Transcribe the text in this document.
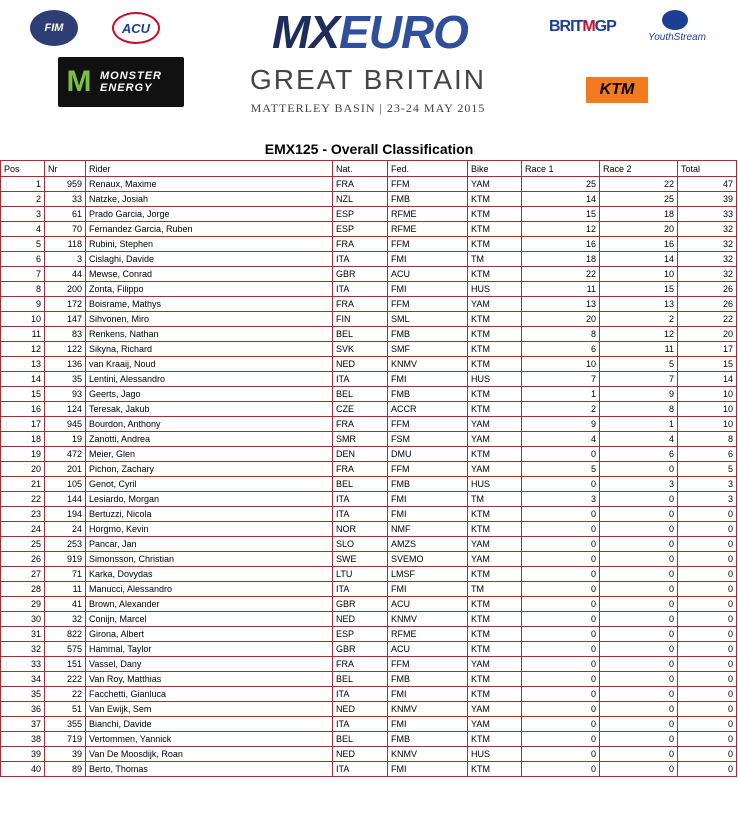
FIM	ACU
M MONSTER
ENERGY
MX EURO
GREAT BRITAIN
MATTERLEY BASIN | 23-24 MAY 2015
BRITMGP
YouthStream
KTM
EMX125 - Overall Classification
Pos	Nr	Rider	Nat.	Fed.	Bike	Race 1	Race 2	Total
1	959	Renaux, Maxime	FRA	FFM	YAM	25	22	47
2	33	Natzke, Josiah	NZL	FMB	KTM	14	25	39
3	61	Prado Garcia, Jorge	ESP	RFME	KTM	15	18	33
4	70	Fernandez Garcia, Ruben	ESP	RFME	KTM	12	20	32
5	118	Rubini, Stephen	FRA	FFM	KTM	16	16	32
6	3	Cislaghi, Davide	ITA	FMI	TM	18	14	32
7	44	Mewse, Conrad	GBR	ACU	KTM	22	10	32
8	200	Zonta, Filippo	ITA	FMI	HUS	11	15	26
9	172	Boisrame, Mathys	FRA	FFM	YAM	13	13	26
10	147	Sihvonen, Miro	FIN	SML	KTM	20	2	22
11	83	Renkens, Nathan	BEL	FMB	KTM	8	12	20
12	122	Sikyna, Richard	SVK	SMF	KTM	6	11	17
13	136	van Kraaij, Noud	NED	KNMV	KTM	10	5	15
14	35	Lentini, Alessandro	ITA	FMI	HUS	7	7	14
15	93	Geerts, Jago	BEL	FMB	KTM	1	9	10
16	124	Teresak, Jakub	CZE	ACCR	KTM	2	8	10
17	945	Bourdon, Anthony	FRA	FFM	YAM	9	1	10
18	19	Zanotti, Andrea	SMR	FSM	YAM	4	4	8
19	472	Meier, Glen	DEN	DMU	KTM	0	6	6
20	201	Pichon, Zachary	FRA	FFM	YAM	5	0	5
21	105	Genot, Cyril	BEL	FMB	HUS	0	3	3
22	144	Lesiardo, Morgan	ITA	FMI	TM	3	0	3
23	194	Bertuzzi, Nicola	ITA	FMI	KTM	0	0	0
24	24	Horgmo, Kevin	NOR	NMF	KTM	0	0	0
25	253	Pancar, Jan	SLO	AMZS	YAM	0	0	0
26	919	Simonsson, Christian	SWE	SVEMO	YAM	0	0	0
27	71	Karka, Dovydas	LTU	LMSF	KTM	0	0	0
28	11	Manucci, Alessandro	ITA	FMI	TM	0	0	0
29	41	Brown, Alexander	GBR	ACU	KTM	0	0	0
30	32	Conijn, Marcel	NED	KNMV	KTM	0	0	0
31	822	Girona, Albert	ESP	RFME	KTM	0	0	0
32	575	Hammal, Taylor	GBR	ACU	KTM	0	0	0
33	151	Vassel, Dany	FRA	FFM	YAM	0	0	0
34	222	Van Roy, Matthias	BEL	FMB	KTM	0	0	0
35	22	Facchetti, Gianluca	ITA	FMI	KTM	0	0	0
36	51	Van Ewijk, Sem	NED	KNMV	YAM	0	0	0
37	355	Bianchi, Davide	ITA	FMI	YAM	0	0	0
38	719	Vertommen, Yannick	BEL	FMB	KTM	0	0	0
39	39	Van De Moosdijk, Roan	NED	KNMV	HUS	0	0	0
40	89	Berto, Thomas	ITA	FMI	KTM	0	0	0
